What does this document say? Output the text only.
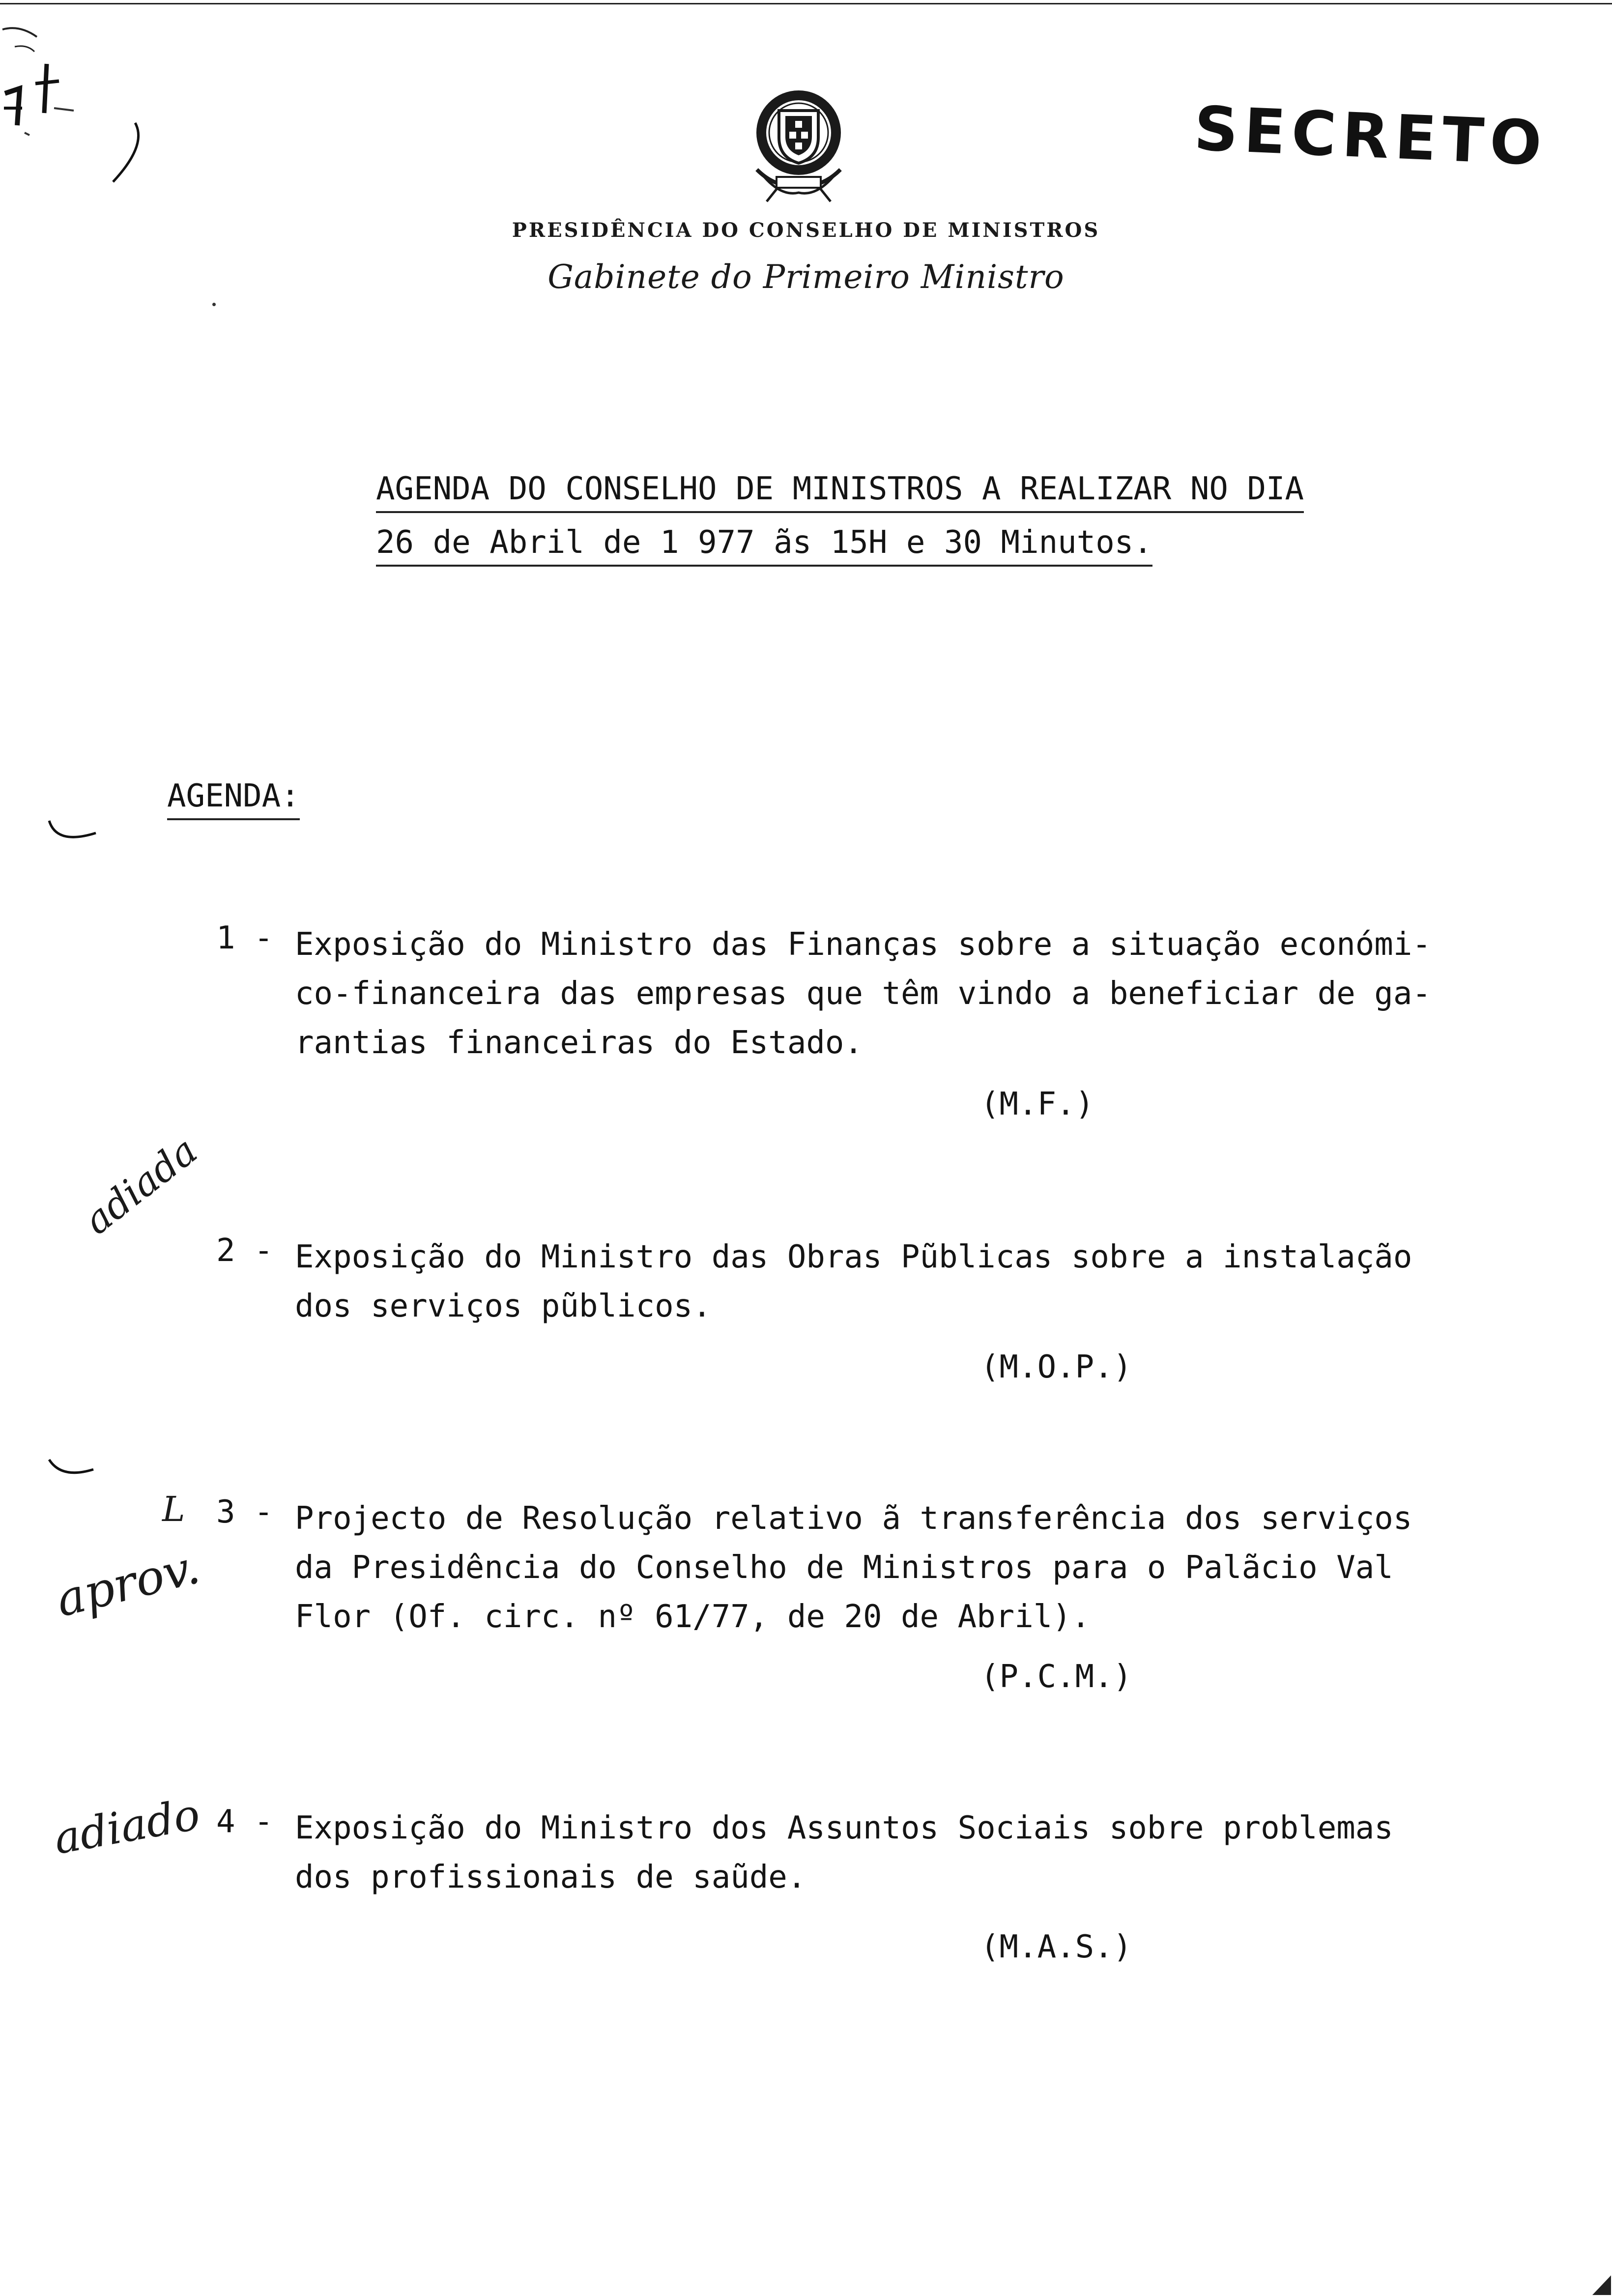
SECRETO
PRESIDÊNCIA DO CONSELHO DE MINISTROS
Gabinete do Primeiro Ministro
AGENDA DO CONSELHO DE MINISTROS A REALIZAR NO DIA
26 de Abril de 1 977 ãs 15H e 30 Minutos.
AGENDA:
1 - Exposição do Ministro das Finanças sobre a situação económi-
co-financeira das empresas que têm vindo a beneficiar de ga-
rantias financeiras do Estado.
(M.F.)
adiada
2 - Exposição do Ministro das Obras Pũblicas sobre a instalação
dos serviços pũblicos.
(M.O.P.)
L
aprov.
3 - Projecto de Resolução relativo ã transferência dos serviços
da Presidência do Conselho de Ministros para o Palãcio Val
Flor (Of. circ. nº 61/77, de 20 de Abril).
(P.C.M.)
adiado 4 - Exposição do Ministro dos Assuntos Sociais sobre problemas
dos profissionais de saũde.
(M.A.S.)
